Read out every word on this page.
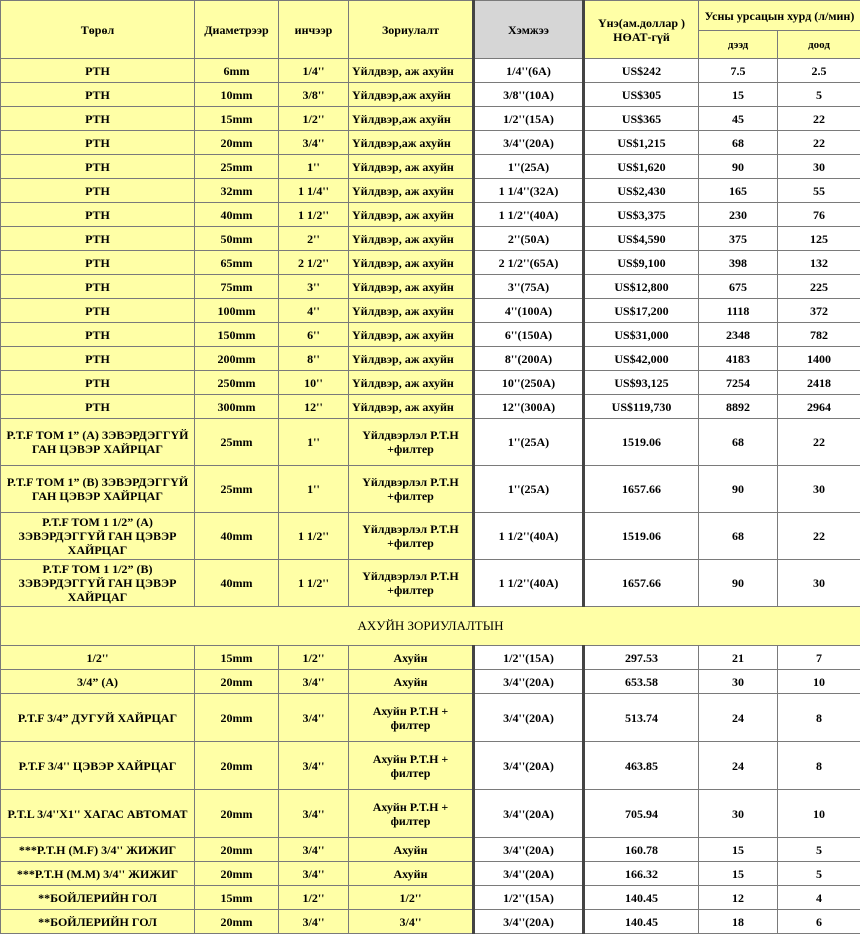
Төрөл	Диаметрээр	инчээр	Зориулалт	Хэмжээ	Үнэ(ам.доллар ) НӨАТ-гүй	Усны урсацын хурд (л/мин)	
						дээд	доод
PTH	6mm	1/4''	Үйлдвэр, аж ахуйн	1/4''(6A)	US$242	7.5	2.5
PTH	10mm	3/8''	Үйлдвэр,аж ахуйн	3/8''(10A)	US$305	15	5
PTH	15mm	1/2''	Үйлдвэр,аж ахуйн	1/2''(15A)	US$365	45	22
PTH	20mm	3/4''	Үйлдвэр,аж ахуйн	3/4''(20A)	US$1,215	68	22
PTH	25mm	1''	Үйлдвэр, аж ахуйн	1''(25A)	US$1,620	90	30
PTH	32mm	1 1/4''	Үйлдвэр, аж ахуйн	1 1/4''(32A)	US$2,430	165	55
PTH	40mm	1 1/2''	Үйлдвэр, аж ахуйн	1 1/2''(40A)	US$3,375	230	76
PTH	50mm	2''	Үйлдвэр, аж ахуйн	2''(50A)	US$4,590	375	125
PTH	65mm	2 1/2''	Үйлдвэр, аж ахуйн	2 1/2''(65A)	US$9,100	398	132
PTH	75mm	3''	Үйлдвэр, аж ахуйн	3''(75A)	US$12,800	675	225
PTH	100mm	4''	Үйлдвэр, аж ахуйн	4''(100A)	US$17,200	1118	372
PTH	150mm	6''	Үйлдвэр, аж ахуйн	6''(150A)	US$31,000	2348	782
PTH	200mm	8''	Үйлдвэр, аж ахуйн	8''(200A)	US$42,000	4183	1400
PTH	250mm	10''	Үйлдвэр, аж ахуйн	10''(250A)	US$93,125	7254	2418
PTH	300mm	12''	Үйлдвэр, аж ахуйн	12''(300A)	US$119,730	8892	2964
P.T.F ТОМ 1” (A) ЗЭВЭРДЭГГҮЙ ГАН ЦЭВЭР ХАЙРЦАГ	25mm	1''	Үйлдвэрлэл P.T.H +филтер	1''(25A)	1519.06	68	22
P.T.F ТОМ 1” (B) ЗЭВЭРДЭГГҮЙ ГАН ЦЭВЭР ХАЙРЦАГ	25mm	1''	Үйлдвэрлэл P.T.H +филтер	1''(25A)	1657.66	90	30
P.T.F ТОМ 1 1/2” (A) ЗЭВЭРДЭГГҮЙ ГАН ЦЭВЭР ХАЙРЦАГ	40mm	1 1/2''	Үйлдвэрлэл P.T.H +филтер	1 1/2''(40A)	1519.06	68	22
P.T.F ТОМ 1 1/2” (B) ЗЭВЭРДЭГГҮЙ ГАН ЦЭВЭР ХАЙРЦАГ	40mm	1 1/2''	Үйлдвэрлэл P.T.H +филтер	1 1/2''(40A)	1657.66	90	30
АХУЙН ЗОРИУЛАЛТЫН							
1/2''	15mm	1/2''	Ахуйн	1/2''(15A)	297.53	21	7
3/4” (A)	20mm	3/4''	Ахуйн	3/4''(20A)	653.58	30	10
P.T.F 3/4” ДУГУЙ ХАЙРЦАГ	20mm	3/4''	Ахуйн P.T.H + филтер	3/4''(20A)	513.74	24	8
P.T.F 3/4'' ЦЭВЭР ХАЙРЦАГ	20mm	3/4''	Ахуйн P.T.H + филтер	3/4''(20A)	463.85	24	8
P.T.L 3/4''X1'' ХАГАС АВТОМАТ	20mm	3/4''	Ахуйн P.T.H + филтер	3/4''(20A)	705.94	30	10
***P.T.H (M.F) 3/4'' ЖИЖИГ	20mm	3/4''	Ахуйн	3/4''(20A)	160.78	15	5
***P.T.H (M.M) 3/4'' ЖИЖИГ	20mm	3/4''	Ахуйн	3/4''(20A)	166.32	15	5
**БОЙЛЕРИЙН ГОЛ	15mm	1/2''	1/2''	1/2''(15A)	140.45	12	4
**БОЙЛЕРИЙН ГОЛ	20mm	3/4''	3/4''	3/4''(20A)	140.45	18	6
